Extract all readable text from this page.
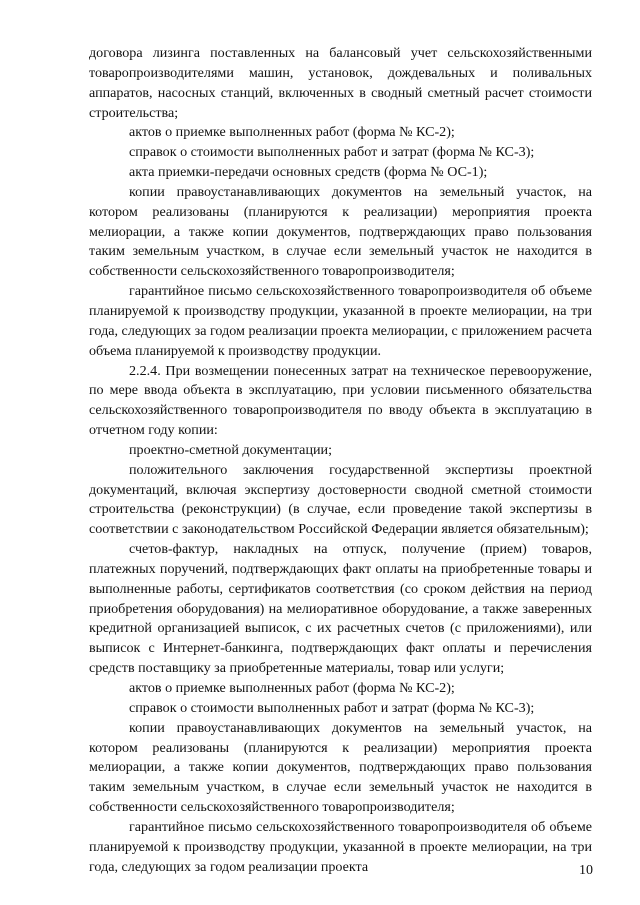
договора лизинга поставленных на балансовый учет сельскохозяйственными товаропроизводителями машин, установок, дождевальных и поливальных аппаратов, насосных станций, включенных в сводный сметный расчет стоимости строительства;

актов о приемке выполненных работ (форма № КС-2);

справок о стоимости выполненных работ и затрат (форма № КС-3);

акта приемки-передачи основных средств (форма № ОС-1);

копии правоустанавливающих документов на земельный участок, на котором реализованы (планируются к реализации) мероприятия проекта мелиорации, а также копии документов, подтверждающих право пользования таким земельным участком, в случае если земельный участок не находится в собственности сельскохозяйственного товаропроизводителя;

гарантийное письмо сельскохозяйственного товаропроизводителя об объеме планируемой к производству продукции, указанной в проекте мелиорации, на три года, следующих за годом реализации проекта мелиорации, с приложением расчета объема планируемой к производству продукции.

2.2.4. При возмещении понесенных затрат на техническое перевооружение, по мере ввода объекта в эксплуатацию, при условии письменного обязательства сельскохозяйственного товаропроизводителя по вводу объекта в эксплуатацию в отчетном году копии:

проектно-сметной документации;

положительного заключения государственной экспертизы проектной документаций, включая экспертизу достоверности сводной сметной стоимости строительства (реконструкции) (в случае, если проведение такой экспертизы в соответствии с законодательством Российской Федерации является обязательным);

счетов-фактур, накладных на отпуск, получение (прием) товаров, платежных поручений, подтверждающих факт оплаты на приобретенные товары и выполненные работы, сертификатов соответствия (со сроком действия на период приобретения оборудования) на мелиоративное оборудование, а также заверенных кредитной организацией выписок, с их расчетных счетов (с приложениями), или выписок с Интернет-банкинга, подтверждающих факт оплаты и перечисления средств поставщику за приобретенные материалы, товар или услуги;

актов о приемке выполненных работ (форма № КС-2);

справок о стоимости выполненных работ и затрат (форма № КС-3);

копии правоустанавливающих документов на земельный участок, на котором реализованы (планируются к реализации) мероприятия проекта мелиорации, а также копии документов, подтверждающих право пользования таким земельным участком, в случае если земельный участок не находится в собственности сельскохозяйственного товаропроизводителя;

гарантийное письмо сельскохозяйственного товаропроизводителя об объеме планируемой к производству продукции, указанной в проекте мелиорации, на три года, следующих за годом реализации проекта	10
